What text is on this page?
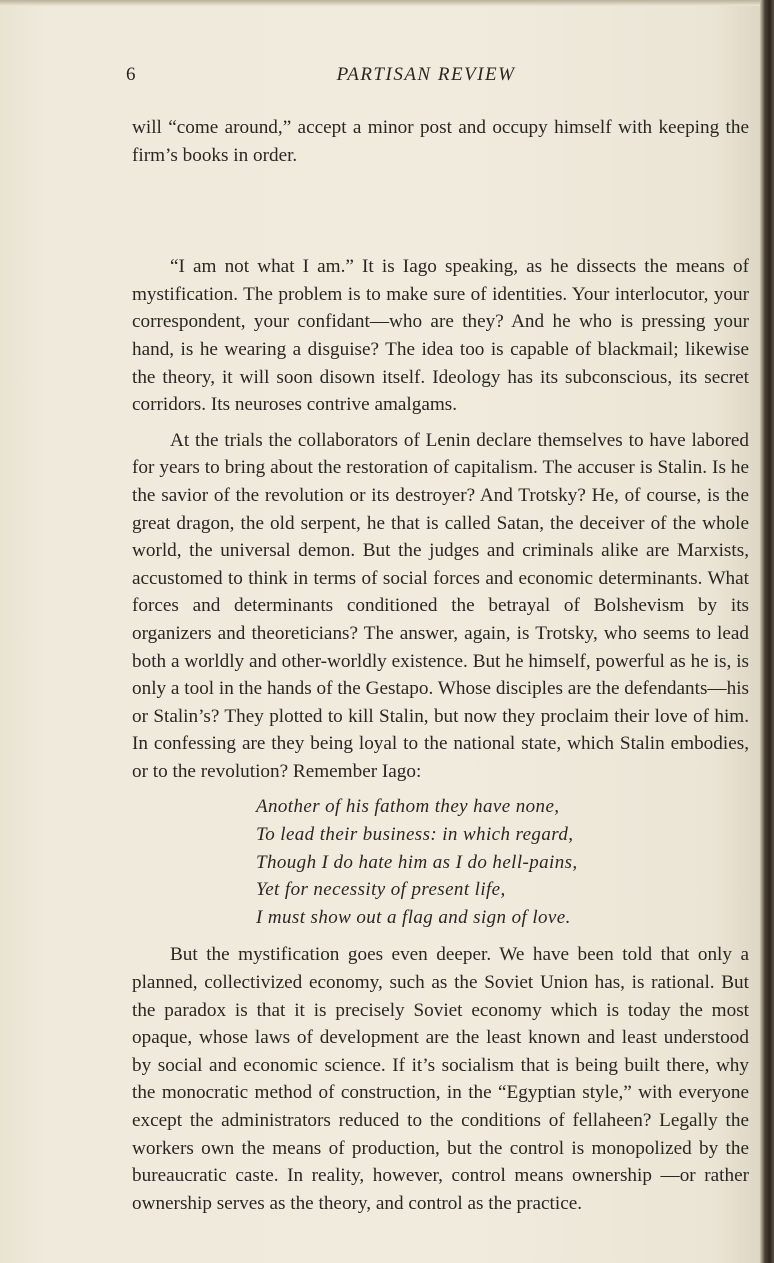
6	PARTISAN REVIEW

will “come around,” accept a minor post and occupy himself with keeping the firm’s books in order.

“I am not what I am.” It is Iago speaking, as he dissects the means of mystification. The problem is to make sure of identities. Your interlocutor, your correspondent, your confidant—who are they? And he who is pressing your hand, is he wearing a disguise? The idea too is capable of blackmail; likewise the theory, it will soon disown itself. Ideology has its subconscious, its secret corridors. Its neuroses contrive amalgams.

At the trials the collaborators of Lenin declare themselves to have labored for years to bring about the restoration of capitalism. The accuser is Stalin. Is he the savior of the revolution or its destroyer? And Trotsky? He, of course, is the great dragon, the old serpent, he that is called Satan, the deceiver of the whole world, the universal demon. But the judges and criminals alike are Marxists, accustomed to think in terms of social forces and economic determinants. What forces and determinants conditioned the betrayal of Bolshevism by its organizers and theoreticians? The answer, again, is Trotsky, who seems to lead both a worldly and other-worldly existence. But he himself, powerful as he is, is only a tool in the hands of the Gestapo. Whose disciples are the defendants—his or Stalin’s? They plotted to kill Stalin, but now they proclaim their love of him. In confessing are they being loyal to the national state, which Stalin embodies, or to the revolution? Remember Iago:

Another of his fathom they have none,
To lead their business: in which regard,
Though I do hate him as I do hell-pains,
Yet for necessity of present life,
I must show out a flag and sign of love.

But the mystification goes even deeper. We have been told that only a planned, collectivized economy, such as the Soviet Union has, is rational. But the paradox is that it is precisely Soviet economy which is today the most opaque, whose laws of development are the least known and least understood by social and economic science. If it’s socialism that is being built there, why the monocratic method of construction, in the “Egyptian style,” with everyone except the administrators reduced to the conditions of fellaheen? Legally the workers own the means of production, but the control is monopolized by the bureaucratic caste. In reality, however, control means ownership —or rather ownership serves as the theory, and control as the practice.
